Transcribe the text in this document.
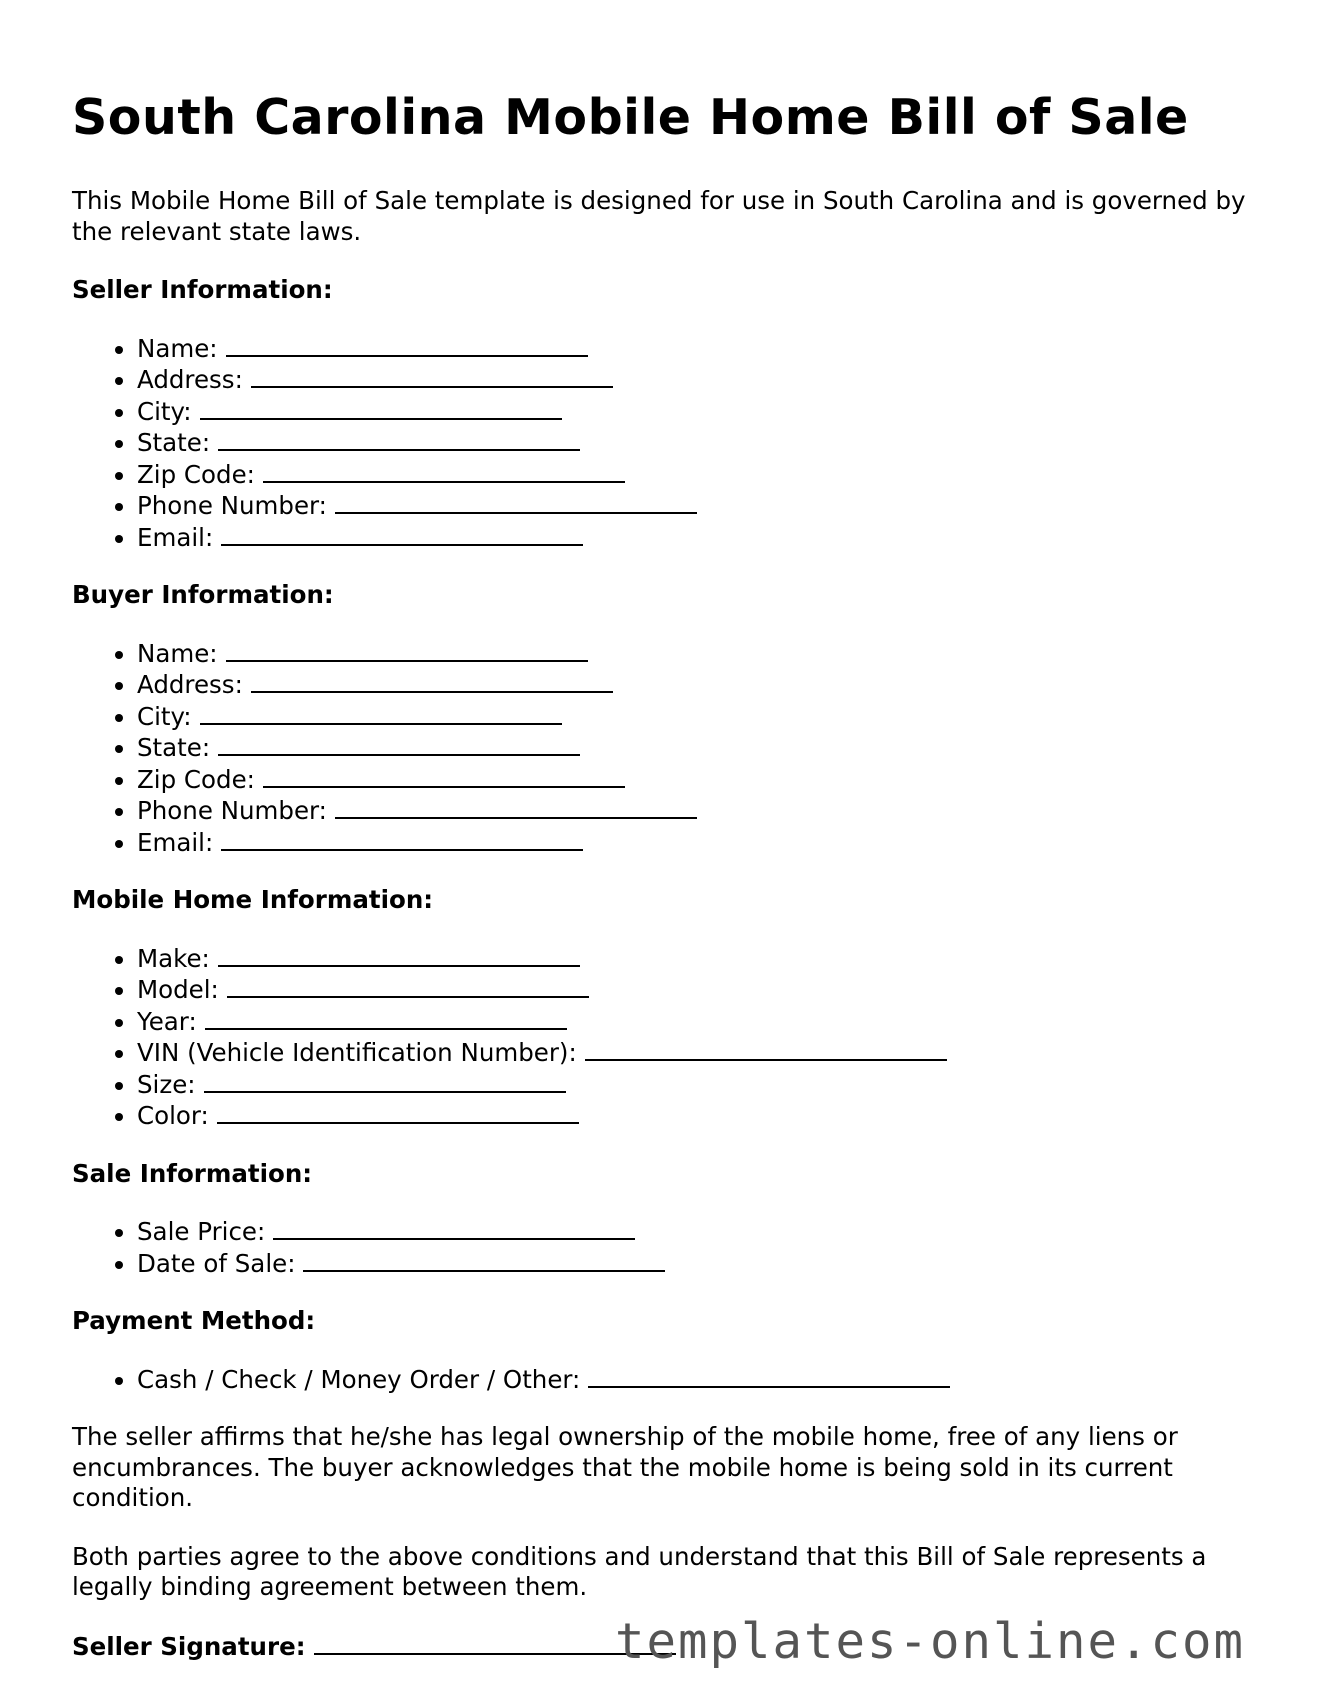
South Carolina Mobile Home Bill of Sale

This Mobile Home Bill of Sale template is designed for use in South Carolina and is governed by the relevant state laws.

Seller Information:
• Name:
• Address:
• City:
• State:
• Zip Code:
• Phone Number:
• Email:
Buyer Information:
• Name:
• Address:
• City:
• State:
• Zip Code:
• Phone Number:
• Email:
Mobile Home Information:
• Make:
• Model:
• Year:
• VIN (Vehicle Identification Number):
• Size:
• Color:
Sale Information:
• Sale Price:
• Date of Sale:
Payment Method:
• Cash / Check / Money Order / Other:

The seller affirms that he/she has legal ownership of the mobile home, free of any liens or encumbrances. The buyer acknowledges that the mobile home is being sold in its current condition.

Both parties agree to the above conditions and understand that this Bill of Sale represents a legally binding agreement between them.

Seller Signature:	templates-online.com
